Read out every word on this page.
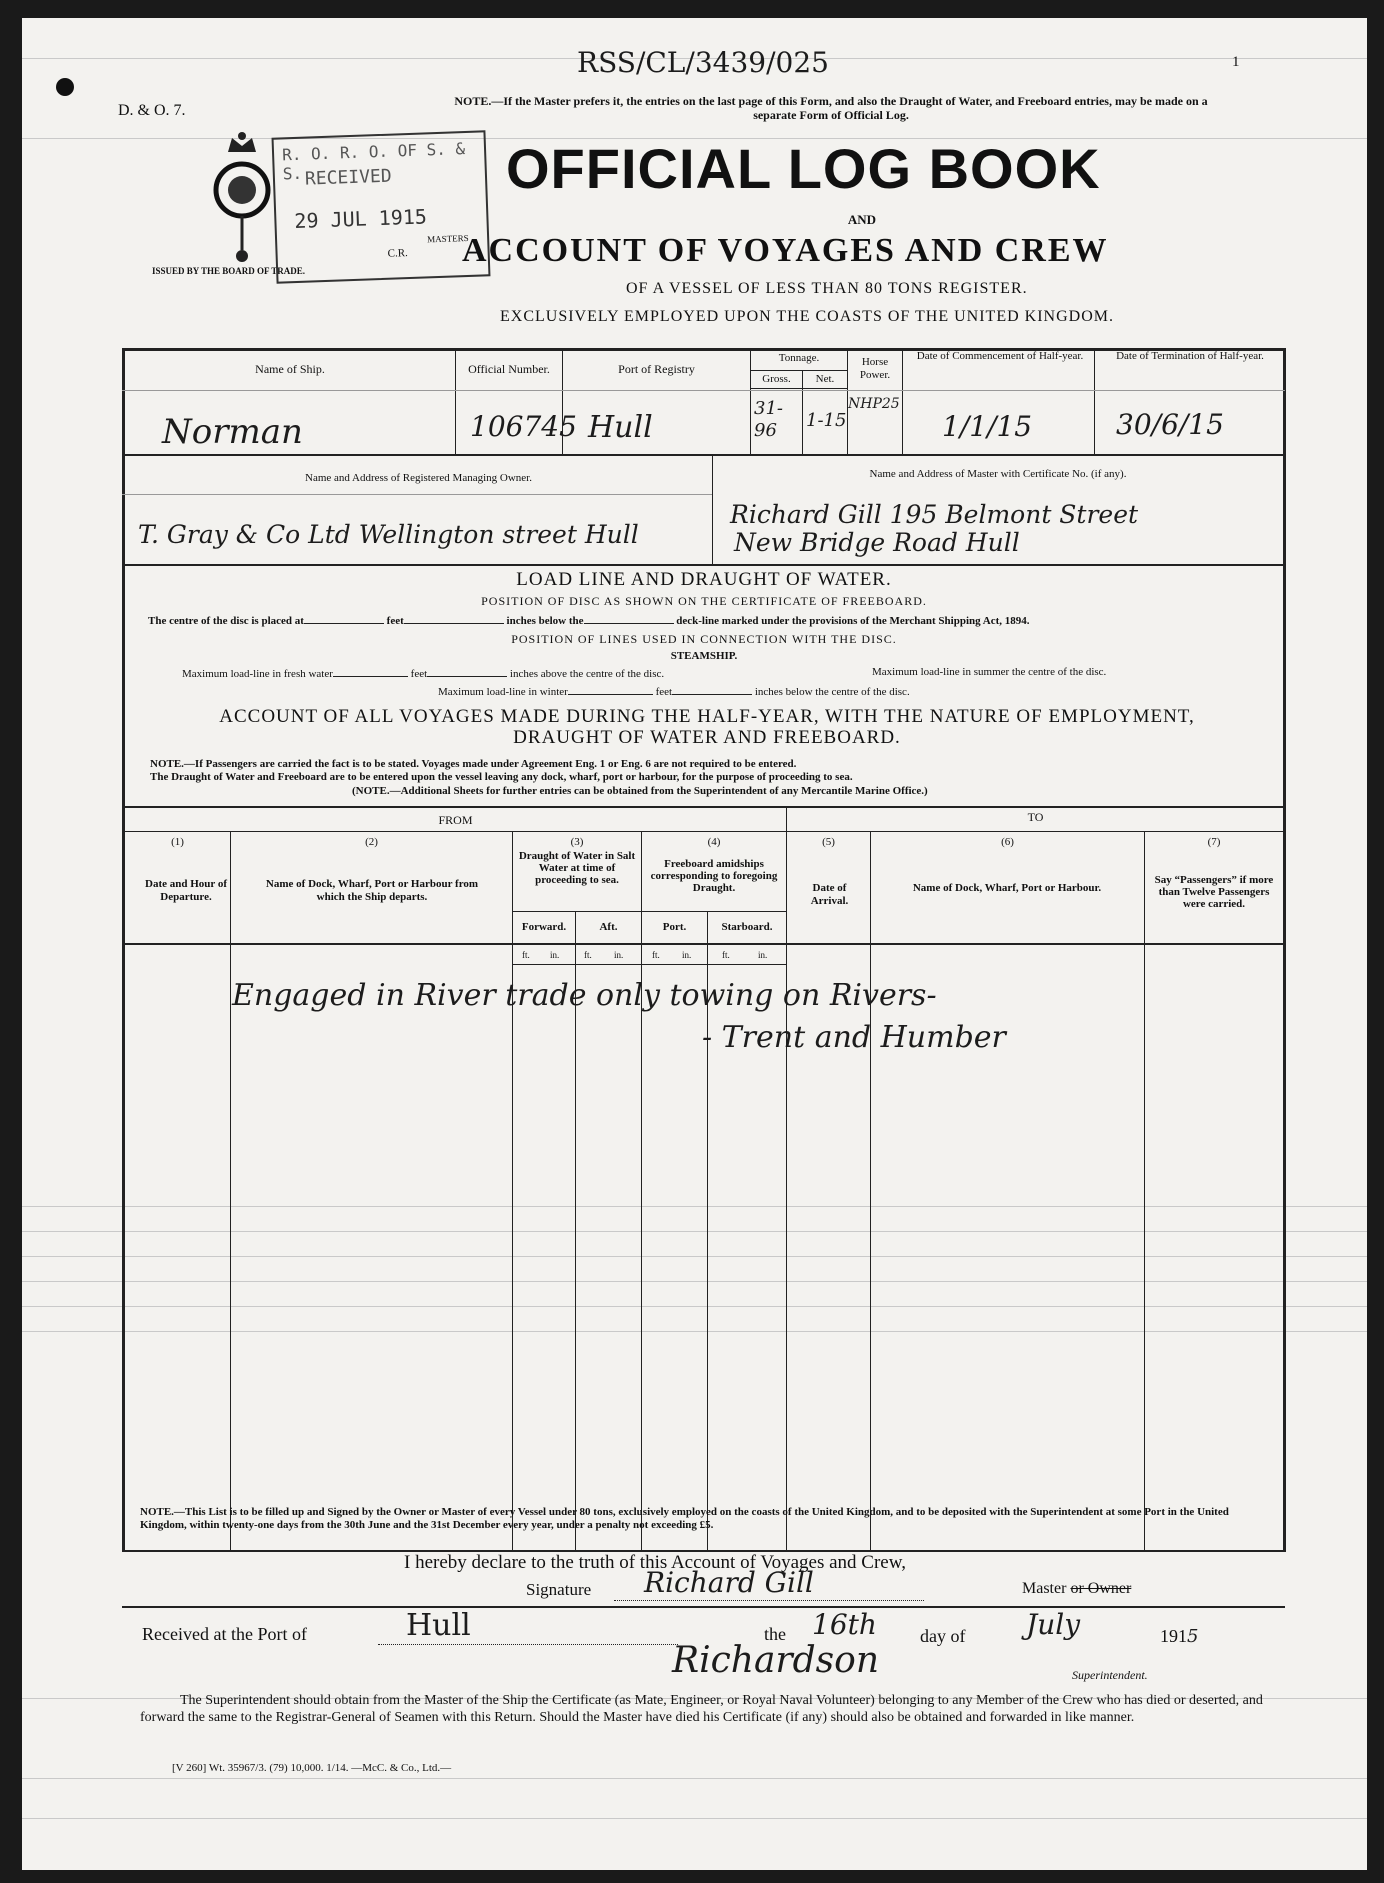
RSS/CL/3439/025	1
D. & O. 7.
NOTE.—If the Master prefers it, the entries on the last page of this Form, and also the Draught of Water, and Freeboard entries, may be made on a separate Form of Official Log.
ISSUED BY THE BOARD OF TRADE.
R. O. R. O. OF S. & S. RECEIVED
29 JUL 1915
MASTERS
C.R.
OFFICIAL LOG BOOK
AND
ACCOUNT OF VOYAGES AND CREW
OF A VESSEL OF LESS THAN 80 TONS REGISTER.
EXCLUSIVELY EMPLOYED UPON THE COASTS OF THE UNITED KINGDOM.
Name of Ship.	Official Number.	Port of Registry
Tonnage.
Gross.	Net.
Horse Power.
Date of Commencement of Half-year.	Date of Termination of Half-year.
Norman	106745 Hull
31-96	1-15
NHP25
1/1/15	30/6/15
Name and Address of Registered Managing Owner.	Name and Address of Master with Certificate No. (if any).
T. Gray & Co Ltd Wellington street Hull
Richard Gill 195 Belmont Street
New Bridge Road Hull
LOAD LINE AND DRAUGHT OF WATER.
POSITION OF DISC AS SHOWN ON THE CERTIFICATE OF FREEBOARD.
The centre of the disc is placed at	feet	inches below the	deck-line marked under the provisions of the Merchant Shipping Act, 1894.
POSITION OF LINES USED IN CONNECTION WITH THE DISC.
STEAMSHIP.
Maximum load-line in fresh water	feet	inches above the centre of the disc.	Maximum load-line in summer the centre of the disc.
Maximum load-line in winter	feet	inches below the centre of the disc.
ACCOUNT OF ALL VOYAGES MADE DURING THE HALF-YEAR, WITH THE NATURE OF EMPLOYMENT, DRAUGHT OF WATER AND FREEBOARD.
NOTE.—If Passengers are carried the fact is to be stated. Voyages made under Agreement Eng. 1 or Eng. 6 are not required to be entered.
The Draught of Water and Freeboard are to be entered upon the vessel leaving any dock, wharf, port or harbour, for the purpose of proceeding to sea.
(NOTE.—Additional Sheets for further entries can be obtained from the Superintendent of any Mercantile Marine Office.)
FROM	TO
(1)
Date and Hour of Departure.
(2)
Name of Dock, Wharf, Port or Harbour from which the Ship departs.
(3)
Draught of Water in Salt Water at time of proceeding to sea.
(4)
Freeboard amidships corresponding to foregoing Draught.
(5)
Date of Arrival.
(6)
Name of Dock, Wharf, Port or Harbour.
(7)
Say “Passengers” if more than Twelve Passengers were carried.
Forward.	Aft.	Port.	Starboard.
ft. in.	ft. in.	ft. in.	ft.	in.
Engaged in River trade only towing on Rivers-
- Trent and Humber
NOTE.—This List is to be filled up and Signed by the Owner or Master of every Vessel under 80 tons, exclusively employed on the coasts of the United Kingdom, and to be deposited with the Superintendent at some Port in the United Kingdom, within twenty-one days from the 30th June and the 31st December every year, under a penalty not exceeding £5.
I hereby declare to the truth of this Account of Voyages and Crew,
Signature Richard Gill	Master or Owner
Received at the Port of	Hull	the 16th day of July	1915
Richardson	Superintendent.
The Superintendent should obtain from the Master of the Ship the Certificate (as Mate, Engineer, or Royal Naval Volunteer) belonging to any Member of the Crew who has died or deserted, and forward the same to the Registrar-General of Seamen with this Return. Should the Master have died his Certificate (if any) should also be obtained and forwarded in like manner.
[V 260] Wt. 35967/3. (79) 10,000. 1/14. —McC. & Co., Ltd.—
